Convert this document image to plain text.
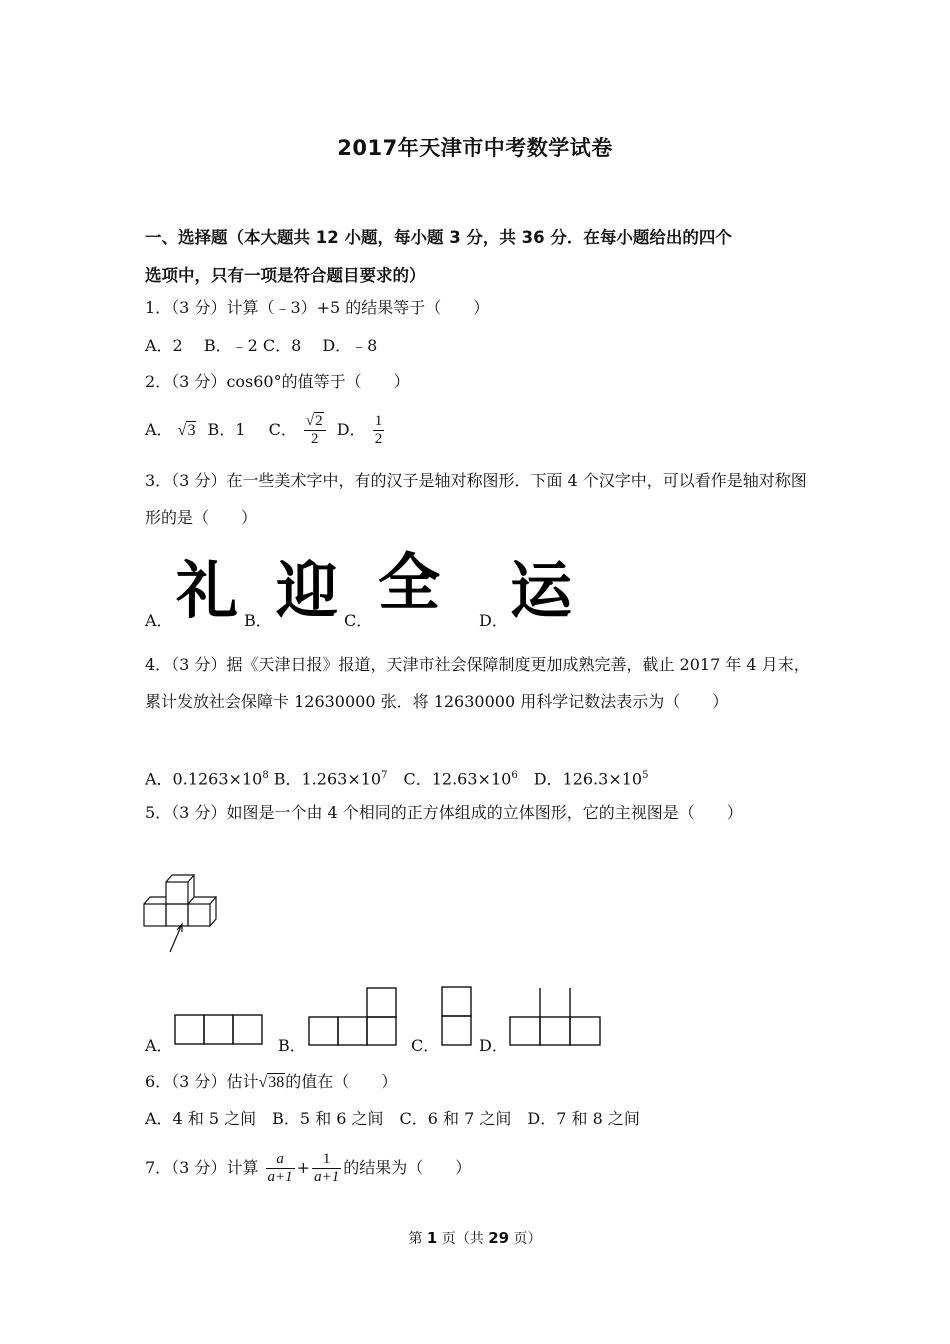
2017年天津市中考数学试卷
一、选择题（本大题共 12 小题，每小题 3 分，共 36 分．在每小题给出的四个
选项中，只有一项是符合题目要求的）
1．（3 分）计算（﹣3）+5 的结果等于（　　）
A．2　 B．﹣2 C．8　 D．﹣8
2．（3 分）cos60°的值等于（　　）
A． √3 B．1 C． $\frac{√2}{2}$ D． $\frac{1}{2}$
3．（3 分）在一些美术字中，有的汉子是轴对称图形．下面 4 个汉字中，可以看作是轴对称图形的是（　　）
A． 礼 B． 迎 C．
全
D． 运
4．（3 分）据《天津日报》报道，天津市社会保障制度更加成熟完善，截止 2017 年 4 月末，累计发放社会保障卡 12630000 张．将 12630000 用科学记数法表示为（　　）
A．$0.1263\times 10^8$ B．$1.263\times 10^7$　C．$12.63\times 10^6$　D．$126.3\times 10^5$
5．（3 分）如图是一个由 4 个相同的正方体组成的立体图形，它的主视图是（　　）
A．	B．	C． D．
6．（3 分）估计√38的值在（　　）
A．4 和 5 之间　B．5 和 6 之间　C．6 和 7 之间　D．7 和 8 之间
7．（3 分）计算 $\frac{a}{a+1} + \frac{1}{a+1}$ 的结果为（　　）
第 1 页（共 29 页）
